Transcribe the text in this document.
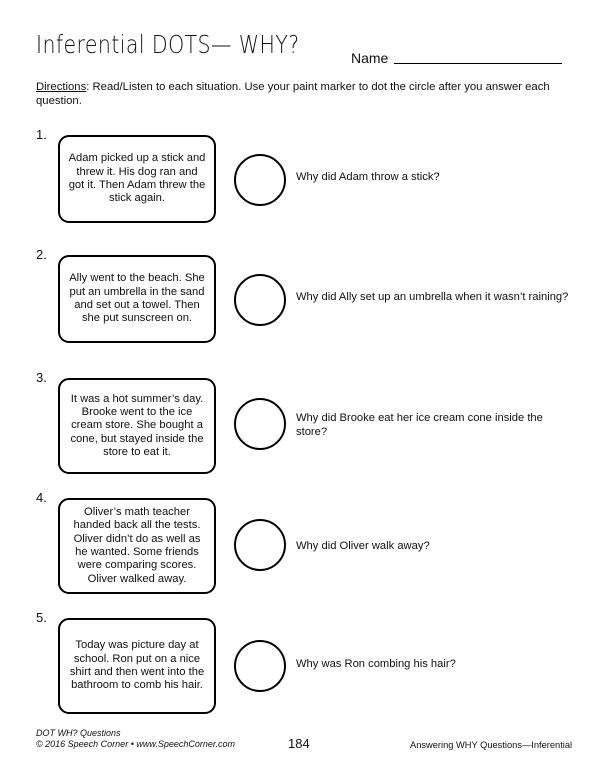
Inferential DOTS— WHY?	Name
Directions: Read/Listen to each situation. Use your paint marker to dot the circle after you answer each question.
1.
Adam picked up a stick and threw it. His dog ran and got it. Then Adam threw the stick again.
Why did Adam throw a stick?
2.
Ally went to the beach. She put an umbrella in the sand and set out a towel. Then she put sunscreen on.
Why did Ally set up an umbrella when it wasn’t raining?
3.
It was a hot summer’s day. Brooke went to the ice cream store. She bought a cone, but stayed inside the store to eat it.
Why did Brooke eat her ice cream cone inside the store?
4.
Oliver’s math teacher handed back all the tests. Oliver didn’t do as well as he wanted. Some friends were comparing scores. Oliver walked away.
Why did Oliver walk away?
5.
Today was picture day at school. Ron put on a nice shirt and then went into the bathroom to comb his hair.
Why was Ron combing his hair?
DOT WH? Questions
© 2016 Speech Corner • www.SpeechCorner.com	184	Answering WHY Questions—Inferential
